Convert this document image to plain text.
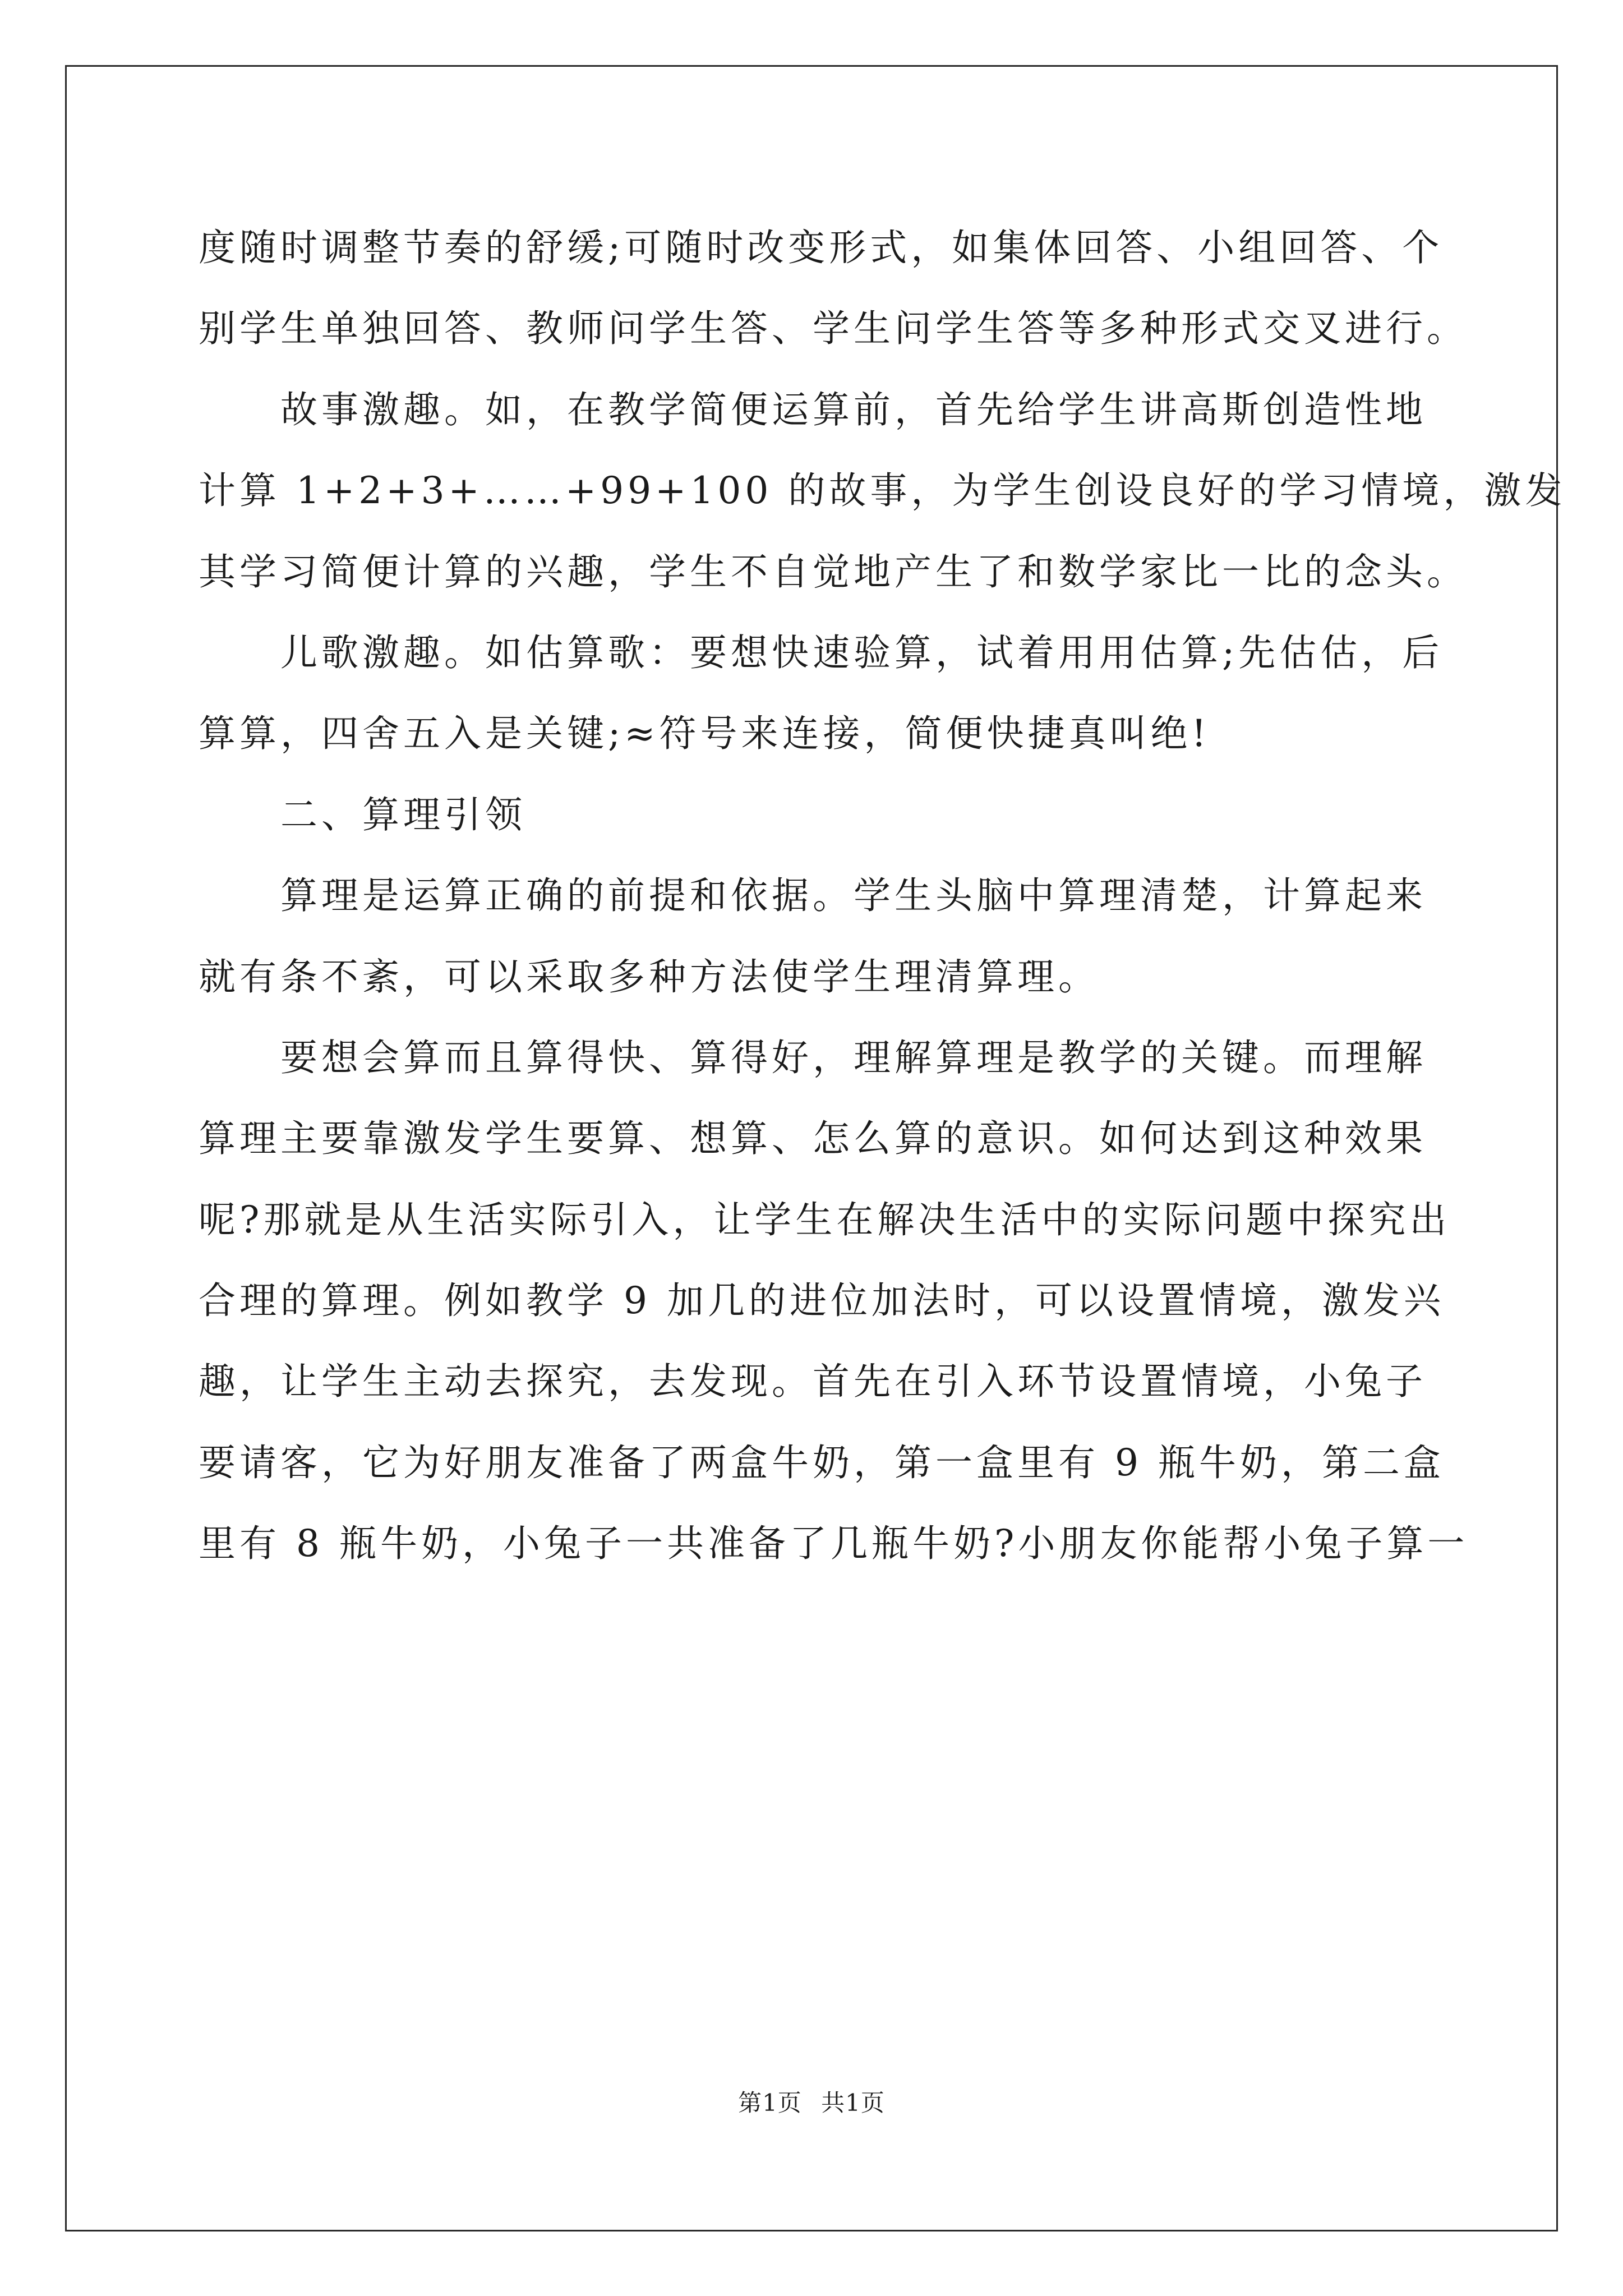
度随时调整节奏的舒缓;可随时改变形式，如集体回答、小组回答、个
别学生单独回答、教师问学生答、学生问学生答等多种形式交叉进行。
　　故事激趣。如，在教学简便运算前，首先给学生讲高斯创造性地
计算 1+2+3+……+99+100 的故事，为学生创设良好的学习情境，激发
其学习简便计算的兴趣，学生不自觉地产生了和数学家比一比的念头。
　　儿歌激趣。如估算歌：要想快速验算，试着用用估算;先估估，后
算算，四舍五入是关键;≈符号来连接，简便快捷真叫绝!
　　二、算理引领
　　算理是运算正确的前提和依据。学生头脑中算理清楚，计算起来
就有条不紊，可以采取多种方法使学生理清算理。
　　要想会算而且算得快、算得好，理解算理是教学的关键。而理解
算理主要靠激发学生要算、想算、怎么算的意识。如何达到这种效果
呢?那就是从生活实际引入，让学生在解决生活中的实际问题中探究出
合理的算理。例如教学 9 加几的进位加法时，可以设置情境，激发兴
趣，让学生主动去探究，去发现。首先在引入环节设置情境，小兔子
要请客，它为好朋友准备了两盒牛奶，第一盒里有 9 瓶牛奶，第二盒
里有 8 瓶牛奶，小兔子一共准备了几瓶牛奶?小朋友你能帮小兔子算一
第1页 共1页
